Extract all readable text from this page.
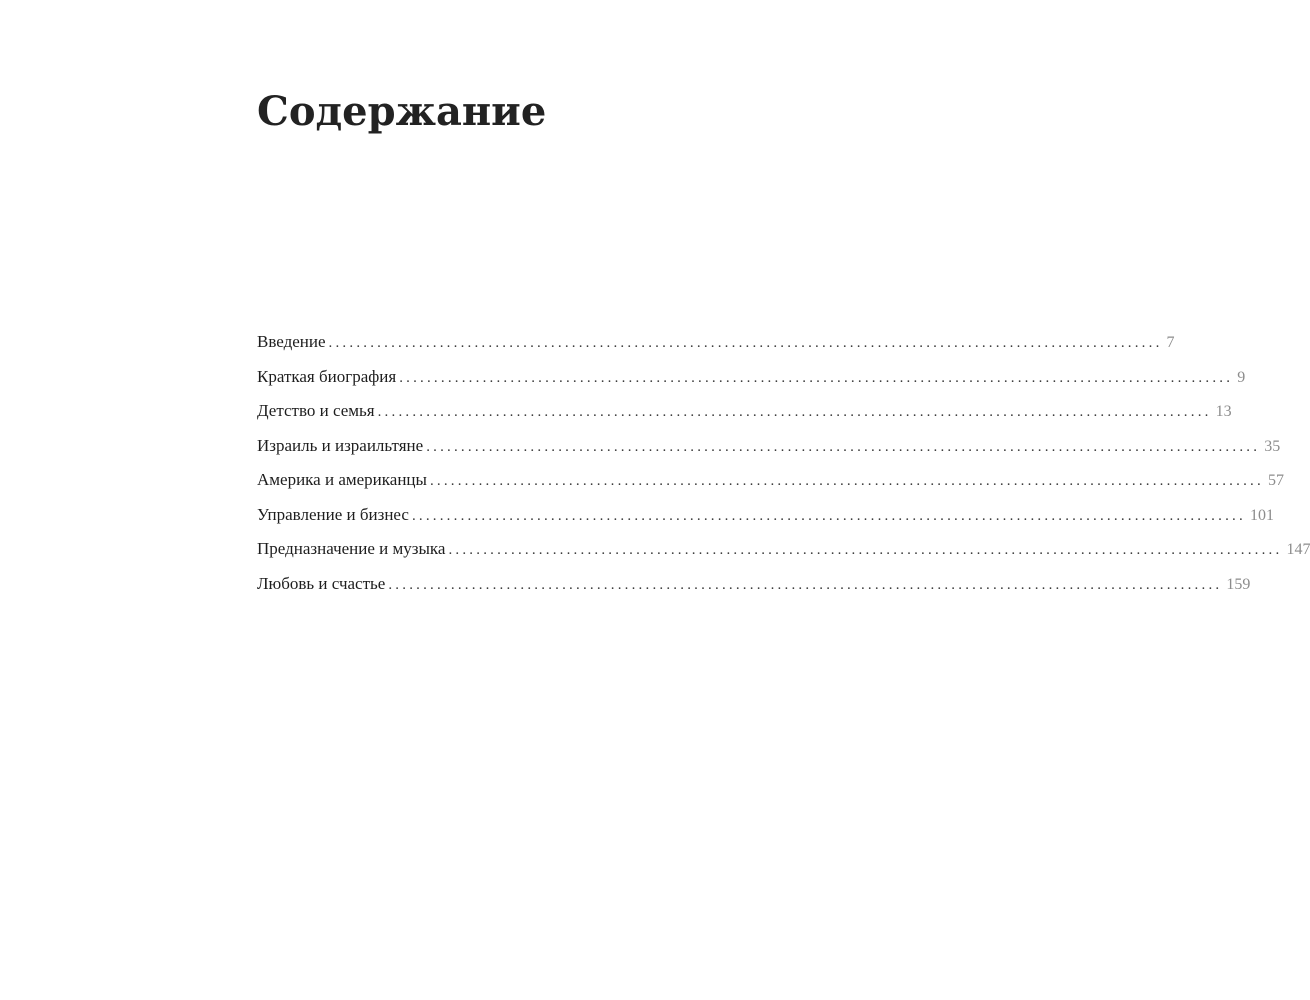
Содержание
Введение ........................................................................................................................ 7
Краткая биография ........................................................................................................................ 9
Детство и семья ........................................................................................................................ 13
Израиль и израильтяне ........................................................................................................................ 35
Америка и американцы ........................................................................................................................ 57
Управление и бизнес ........................................................................................................................ 101
Предназначение и музыка ........................................................................................................................ 147
Любовь и счастье ........................................................................................................................ 159
